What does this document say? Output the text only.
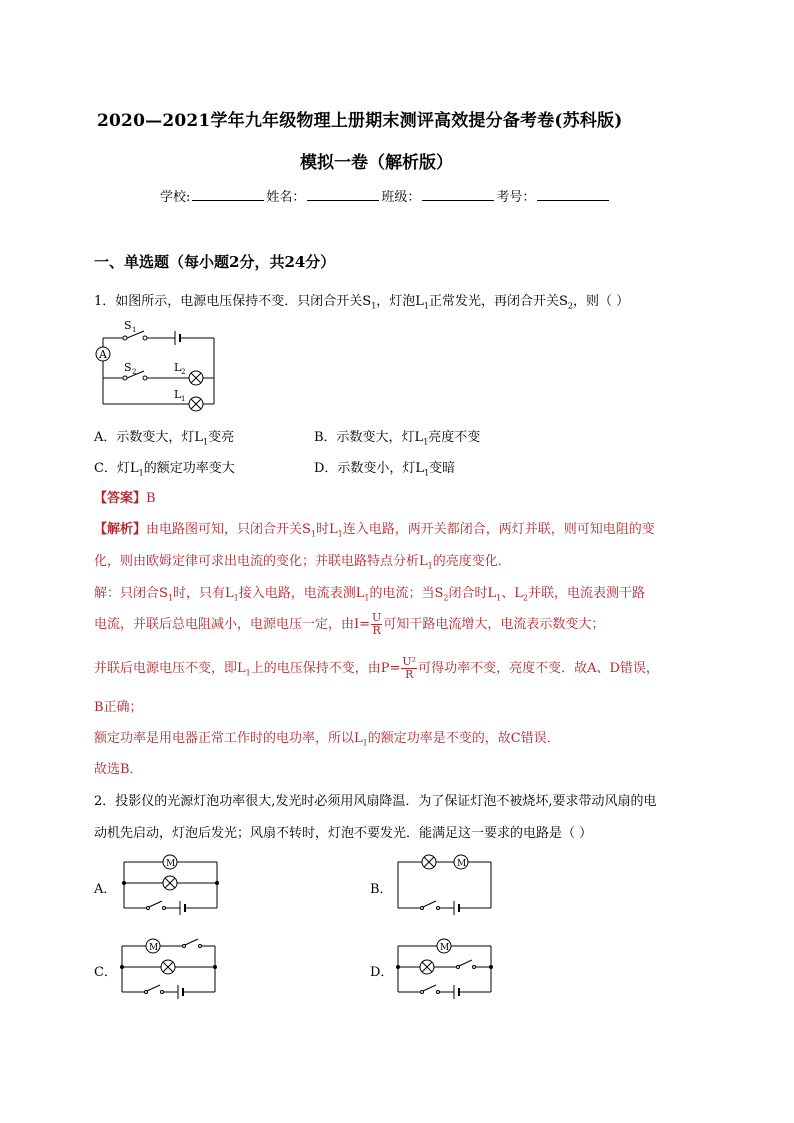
2020—2021学年九年级物理上册期末测评高效提分备考卷(苏科版)
模拟一卷（解析版）
学校:	姓名：	班级：	考号：
一、单选题（每小题2分，共24分）
1．如图所示，电源电压保持不变．只闭合开关$S_1$，灯泡$L_1$正常发光，再闭合开关$S_2$，则（ ）
A
S 1
S 2	L 2
L 1
A．示数变大，灯$L_1$变亮	B．示数变大，灯$L_1$亮度不变
C．灯$L_1$的额定功率变大	D．示数变小，灯$L_1$变暗
【答案】B
【解析】由电路图可知，只闭合开关$S_1$时$L_1$连入电路，两开关都闭合，两灯并联，则可知电阻的变
化，则由欧姆定律可求出电流的变化；并联电路特点分析$L_1$的亮度变化．
解：只闭合$S_1$时，只有$L_1$接入电路，电流表测$L_1$的电流；当$S_2$闭合时$L_1$、$L_2$并联，电流表测干路
电流，并联后总电阻减小，电源电压一定，由$I= \frac{U}{R}$ 可知干路电流增大，电流表示数变大；
并联后电源电压不变，即$L_1$上的电压保持不变，由$P= \frac{\text{U²}}{R}$ 可得功率不变，亮度不变．故A、D错误，
B正确；
额定功率是用电器正常工作时的电功率，所以$L_1$的额定功率是不变的，故C错误．
故选B．
2．投影仪的光源灯泡功率很大,发光时必须用风扇降温．为了保证灯泡不被烧坏,要求带动风扇的电
动机先启动，灯泡后发光；风扇不转时，灯泡不要发光．能满足这一要求的电路是（ ）
A．
M
B．
M
C．
M
D．
M
